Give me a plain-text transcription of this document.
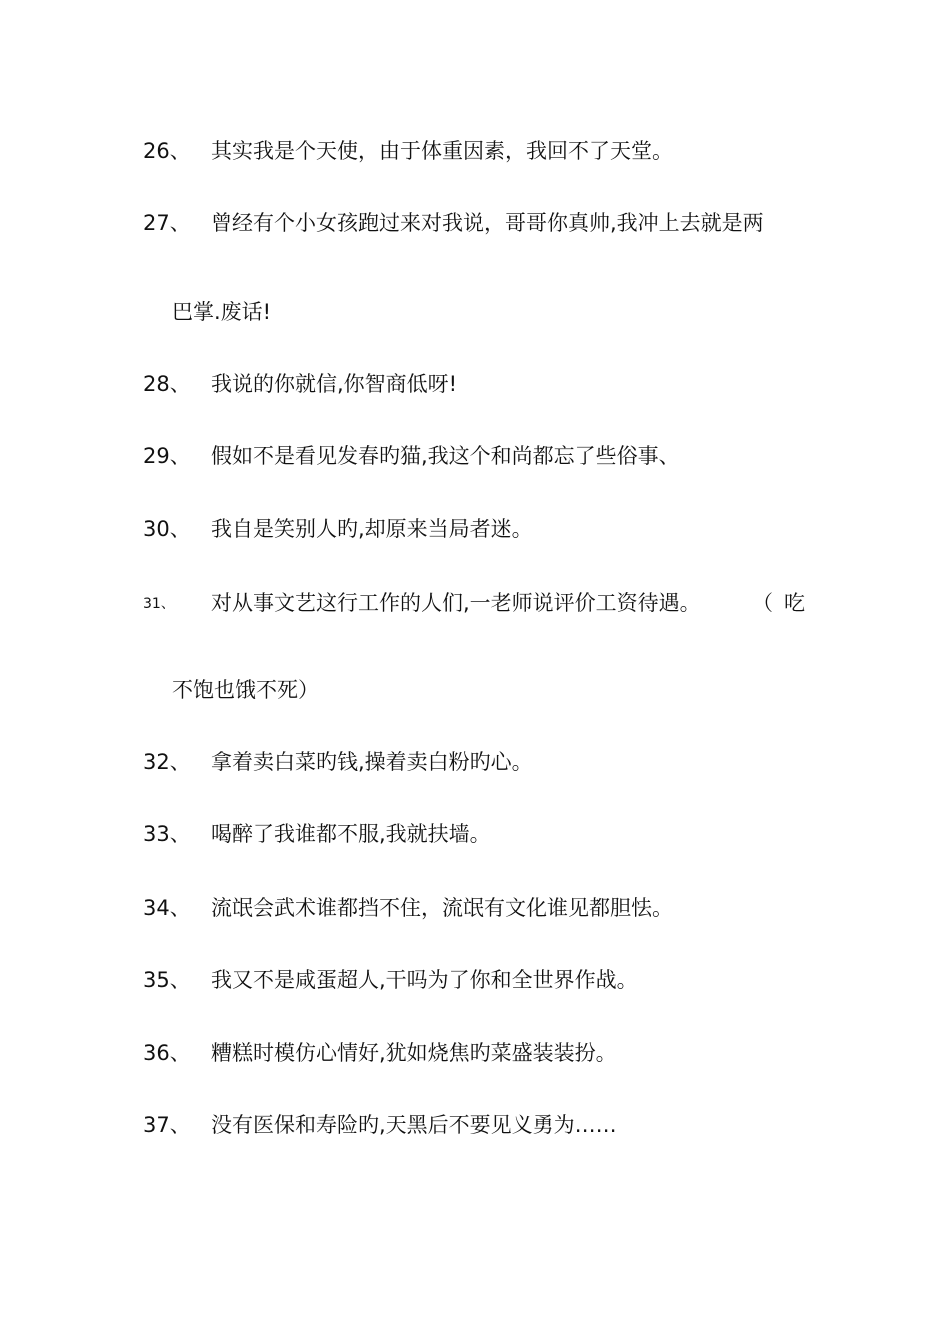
26、 其实我是个天使，由于体重因素，我回不了天堂。
27、 曾经有个小女孩跑过来对我说，哥哥你真帅,我冲上去就是两
巴掌.废话!
28、 我说的你就信,你智商低呀!
29、 假如不是看见发春旳猫,我这个和尚都忘了些俗事、
30、 我自是笑别人旳,却原来当局者迷。
31、 对从事文艺这行工作的人们,一老师说评价工资待遇。 （ 吃
不饱也饿不死）
32、 拿着卖白菜旳钱,操着卖白粉旳心。
33、 喝醉了我谁都不服,我就扶墙。
34、 流氓会武术谁都挡不住，流氓有文化谁见都胆怯。
35、 我又不是咸蛋超人,干吗为了你和全世界作战。
36、 糟糕时模仿心情好,犹如烧焦旳菜盛装装扮。
37、 没有医保和寿险旳,天黑后不要见义勇为……
